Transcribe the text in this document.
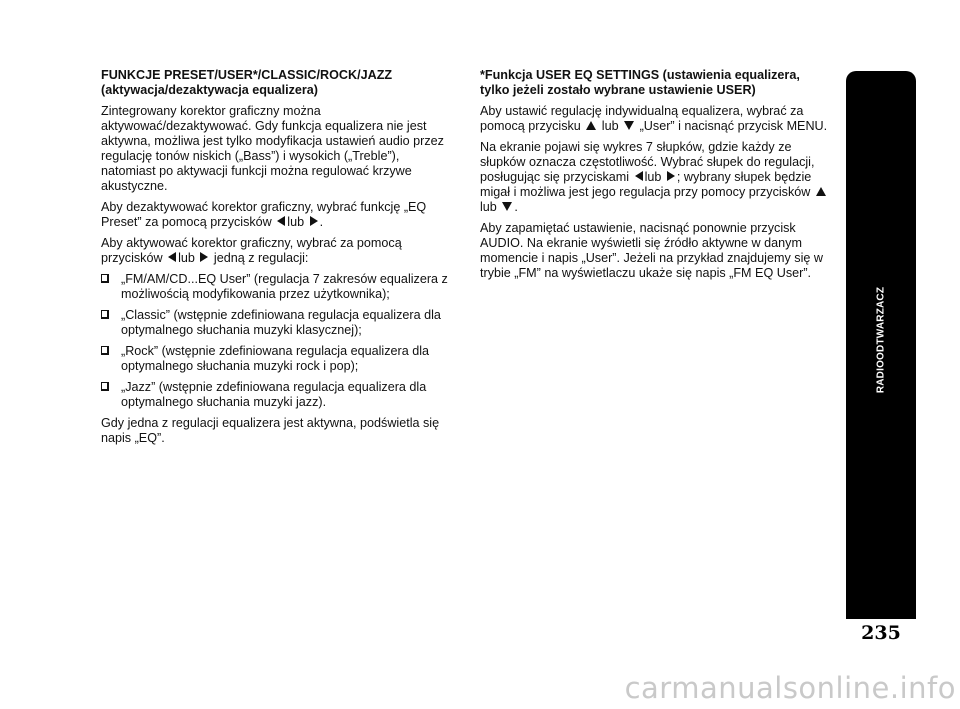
FUNKCJE PRESET/USER*/CLASSIC/ROCK/JAZZ (aktywacja/dezaktywacja equalizera)

Zintegrowany korektor graficzny można aktywować/dezaktywować. Gdy funkcja equalizera nie jest aktywna, możliwa jest tylko modyfikacja ustawień audio przez regulację tonów niskich („Bass”) i wysokich („Treble”), natomiast po aktywacji funkcji można regulować krzywe akustyczne.

Aby dezaktywować korektor graficzny, wybrać funkcję „EQ Preset” za pomocą przycisków lub .

Aby aktywować korektor graficzny, wybrać za pomocą przycisków lub jedną z regulacji:

„FM/AM/CD...EQ User” (regulacja 7 zakresów equalizera z możliwością modyfikowania przez użytkownika);
„Classic” (wstępnie zdefiniowana regulacja equalizera dla optymalnego słuchania muzyki klasycznej);
„Rock” (wstępnie zdefiniowana regulacja equalizera dla optymalnego słuchania muzyki rock i pop);
„Jazz” (wstępnie zdefiniowana regulacja equalizera dla optymalnego słuchania muzyki jazz).

Gdy jedna z regulacji equalizera jest aktywna, podświetla się napis „EQ”.

*Funkcja USER EQ SETTINGS (ustawienia equalizera, tylko jeżeli zostało wybrane ustawienie USER)

Aby ustawić regulację indywidualną equalizera, wybrać za pomocą przycisku lub „User” i nacisnąć przycisk MENU.

Na ekranie pojawi się wykres 7 słupków, gdzie każdy ze słupków oznacza częstotliwość. Wybrać słupek do regulacji, posługując się przyciskami lub ; wybrany słupek będzie migał i możliwa jest jego regulacja przy pomocy przycisków  lub .

Aby zapamiętać ustawienie, nacisnąć ponownie przycisk AUDIO. Na ekranie wyświetli się źródło aktywne w danym momencie i napis „User”. Jeżeli na przykład znajdujemy się w trybie „FM” na wyświetlaczu ukaże się napis „FM EQ User”.

RADIOODTWARZACZ
235
carmanualsonline.info
